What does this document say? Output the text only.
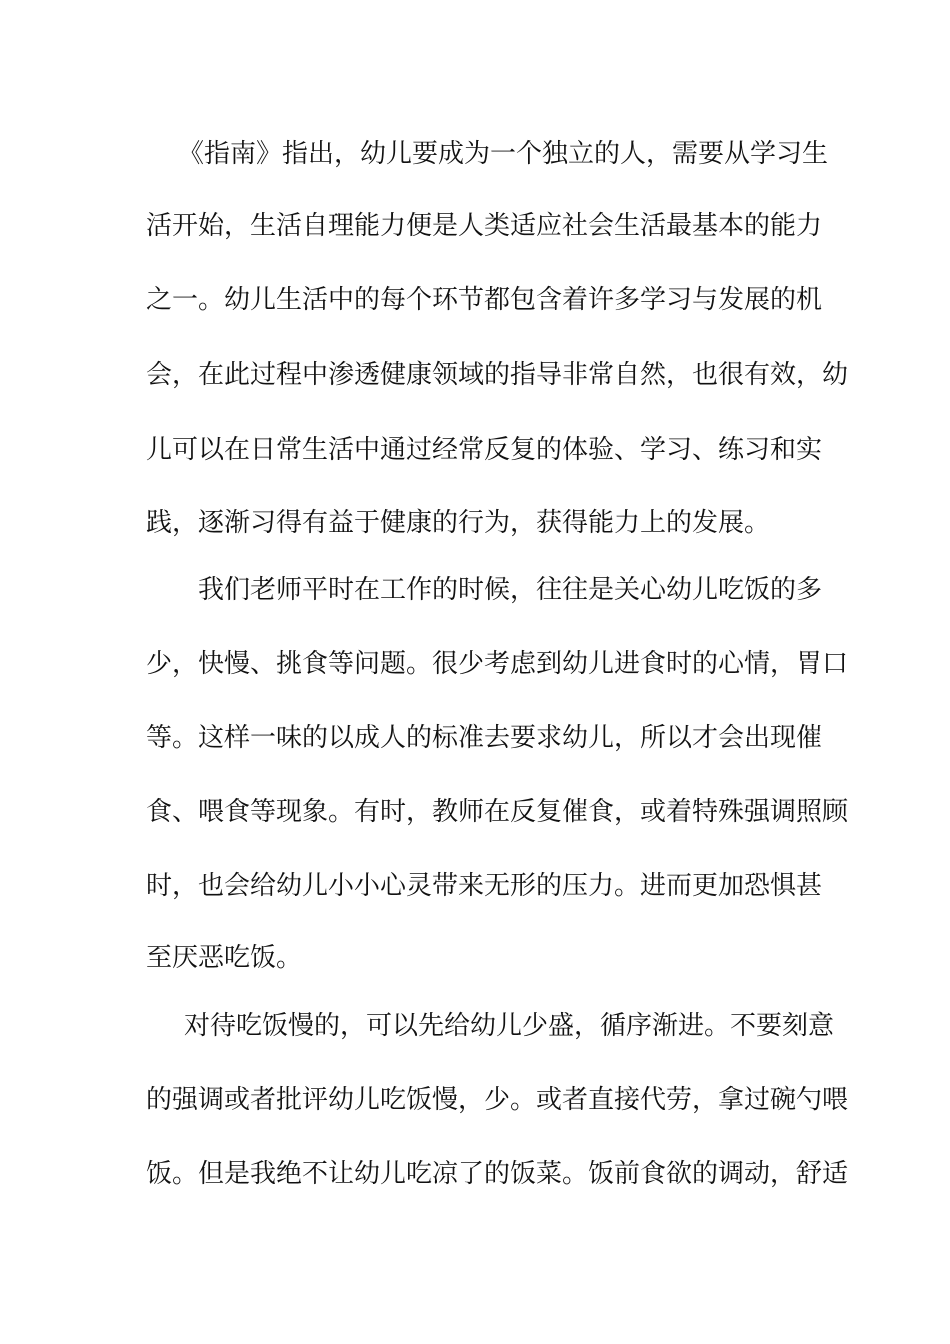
《指南》指出，幼儿要成为一个独立的人，需要从学习生
活开始，生活自理能力便是人类适应社会生活最基本的能力
之一。幼儿生活中的每个环节都包含着许多学习与发展的机
会，在此过程中渗透健康领域的指导非常自然，也很有效，幼
儿可以在日常生活中通过经常反复的体验、学习、练习和实
践，逐渐习得有益于健康的行为，获得能力上的发展。
我们老师平时在工作的时候，往往是关心幼儿吃饭的多
少，快慢、挑食等问题。很少考虑到幼儿进食时的心情，胃口
等。这样一味的以成人的标准去要求幼儿，所以才会出现催
食、喂食等现象。有时，教师在反复催食，或着特殊强调照顾
时，也会给幼儿小小心灵带来无形的压力。进而更加恐惧甚
至厌恶吃饭。
对待吃饭慢的，可以先给幼儿少盛，循序渐进。不要刻意
的强调或者批评幼儿吃饭慢，少。或者直接代劳，拿过碗勺喂
饭。但是我绝不让幼儿吃凉了的饭菜。饭前食欲的调动，舒适
